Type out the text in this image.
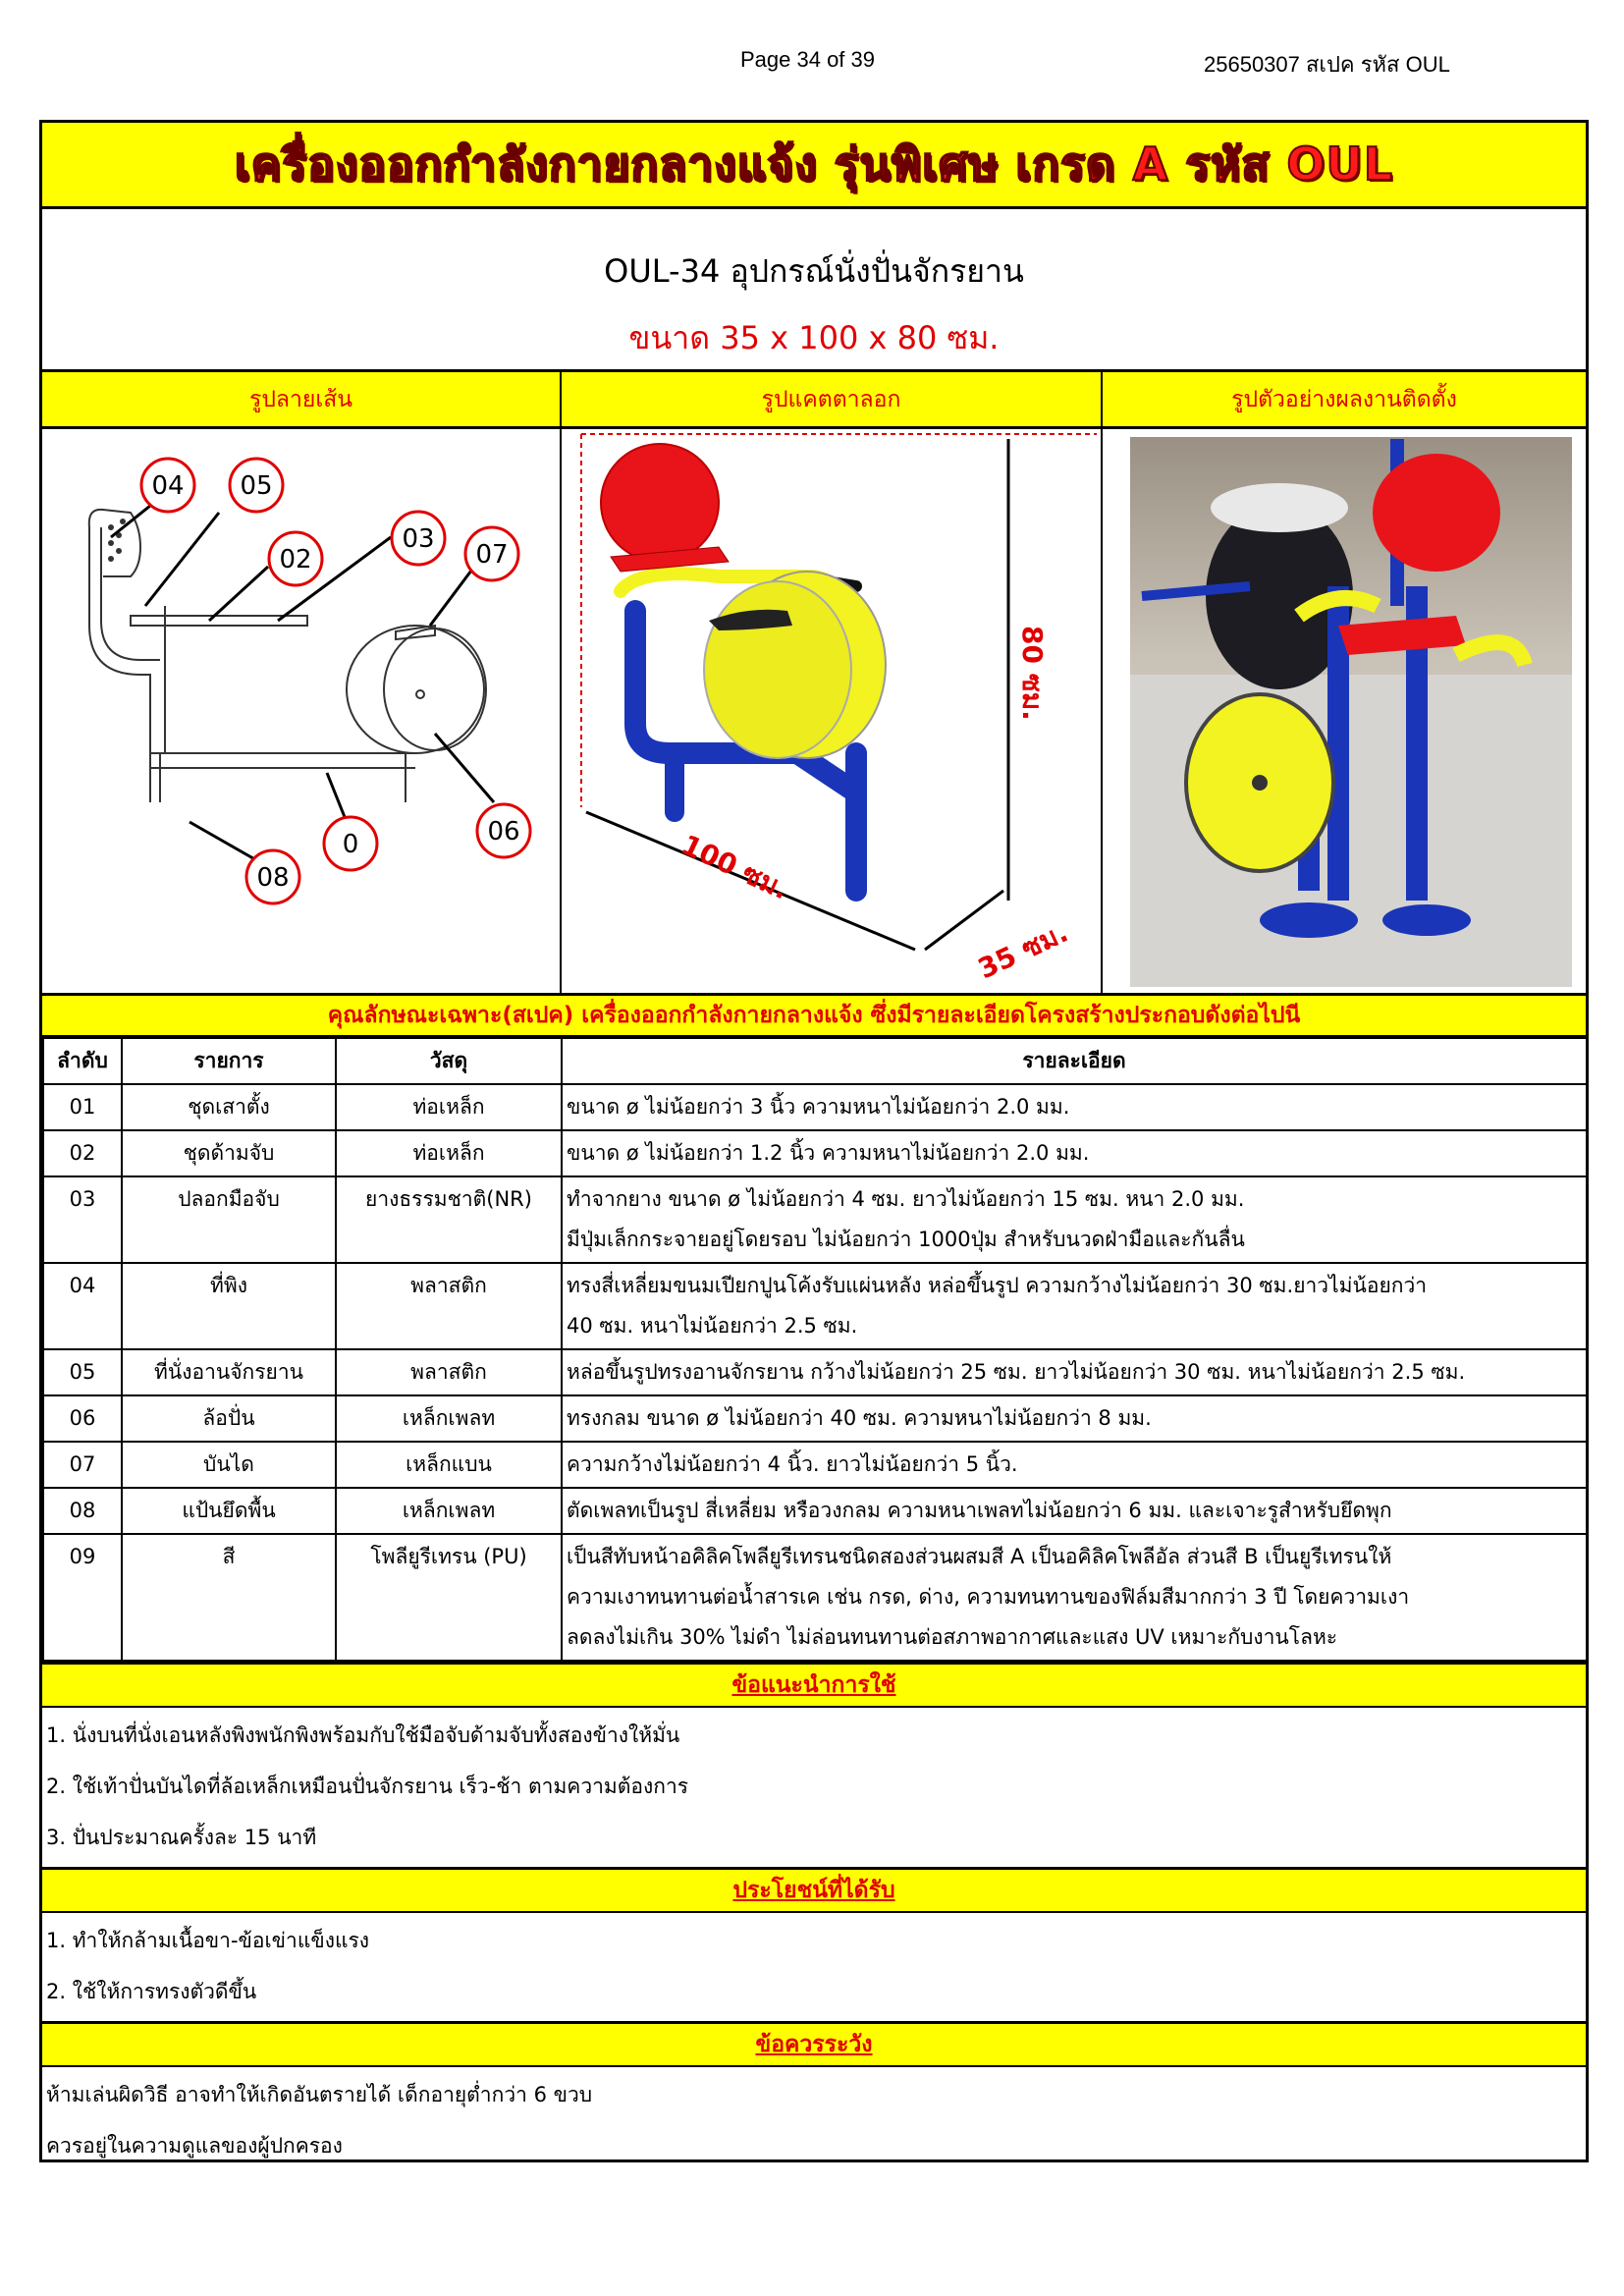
Page 34 of 39	25650307 สเปค รหัส OUL
เครื่องออกกำลังกายกลางแจ้ง รุ่นพิเศษ เกรด A รหัส OUL
OUL-34 อุปกรณ์นั่งปั่นจักรยาน
ขนาด 35 x 100 x 80 ซม.
รูปลายเส้น	รูปแคตตาลอก	รูปตัวอย่างผลงานติดตั้ง
04 05
02
03
07
0	06
08
80 ซม.
100 ซม.
35 ซม.
คุณลักษณะเฉพาะ(สเปค) เครื่องออกกำลังกายกลางแจ้ง ซึ่งมีรายละเอียดโครงสร้างประกอบดังต่อไปนี
ลำดับ	รายการ	วัสดุ	รายละเอียด
01	ชุดเสาตั้ง	ท่อเหล็ก	ขนาด ø ไม่น้อยกว่า 3 นิ้ว ความหนาไม่น้อยกว่า 2.0 มม.

02	ชุดด้ามจับ	ท่อเหล็ก	ขนาด ø ไม่น้อยกว่า 1.2 นิ้ว ความหนาไม่น้อยกว่า 2.0 มม.

03	ปลอกมือจับ	ยางธรรมชาติ(NR)	ทำจากยาง ขนาด ø ไม่น้อยกว่า 4 ซม. ยาวไม่น้อยกว่า 15 ซม. หนา 2.0 มม.
มีปุ่มเล็กกระจายอยู่โดยรอบ ไม่น้อยกว่า 1000ปุ่ม สำหรับนวดฝ่ามือและกันลื่น

04	ที่พิง	พลาสติก	ทรงสี่เหลี่ยมขนมเปียกปูนโค้งรับแผ่นหลัง หล่อขึ้นรูป ความกว้างไม่น้อยกว่า 30 ซม.ยาวไม่น้อยกว่า
40 ซม. หนาไม่น้อยกว่า 2.5 ซม.

05	ที่นั่งอานจักรยาน	พลาสติก	หล่อขึ้นรูปทรงอานจักรยาน กว้างไม่น้อยกว่า 25 ซม. ยาวไม่น้อยกว่า 30 ซม. หนาไม่น้อยกว่า 2.5 ซม.

06	ล้อปั่น	เหล็กเพลท	ทรงกลม ขนาด ø ไม่น้อยกว่า 40 ซม. ความหนาไม่น้อยกว่า 8 มม.

07	บันได	เหล็กแบน	ความกว้างไม่น้อยกว่า 4 นิ้ว. ยาวไม่น้อยกว่า 5 นิ้ว.

08	แป้นยึดพื้น	เหล็กเพลท	ตัดเพลทเป็นรูป สี่เหลี่ยม หรือวงกลม ความหนาเพลทไม่น้อยกว่า 6 มม. และเจาะรูสำหรับยึดพุก

09	สี	โพลียูรีเทรน (PU)	เป็นสีทับหน้าอคิลิคโพลียูรีเทรนชนิดสองส่วนผสมสี A เป็นอคิลิคโพลีอัล ส่วนสี B เป็นยูรีเทรนให้
ความเงาทนทานต่อน้ำสารเค เช่น กรด, ด่าง, ความทนทานของฟิล์มสีมากกว่า 3 ปี โดยความเงา
ลดลงไม่เกิน 30% ไม่ดำ ไม่ล่อนทนทานต่อสภาพอากาศและแสง UV เหมาะกับงานโลหะ
ข้อแนะนำการใช้
1. นั่งบนที่นั่งเอนหลังพิงพนักพิงพร้อมกับใช้มือจับด้ามจับทั้งสองข้างให้มั่น
2. ใช้เท้าปั่นบันไดที่ล้อเหล็กเหมือนปั่นจักรยาน เร็ว-ช้า ตามความต้องการ
3. ปั่นประมาณครั้งละ 15 นาที
ประโยชน์ที่ได้รับ
1. ทำให้กล้ามเนื้อขา-ข้อเข่าแข็งแรง
2. ใช้ให้การทรงตัวดีขึ้น
ข้อควรระวัง
ห้ามเล่นผิดวิธี อาจทำให้เกิดอันตรายได้ เด็กอายุต่ำกว่า 6 ขวบ
ควรอยู่ในความดูแลของผู้ปกครอง
